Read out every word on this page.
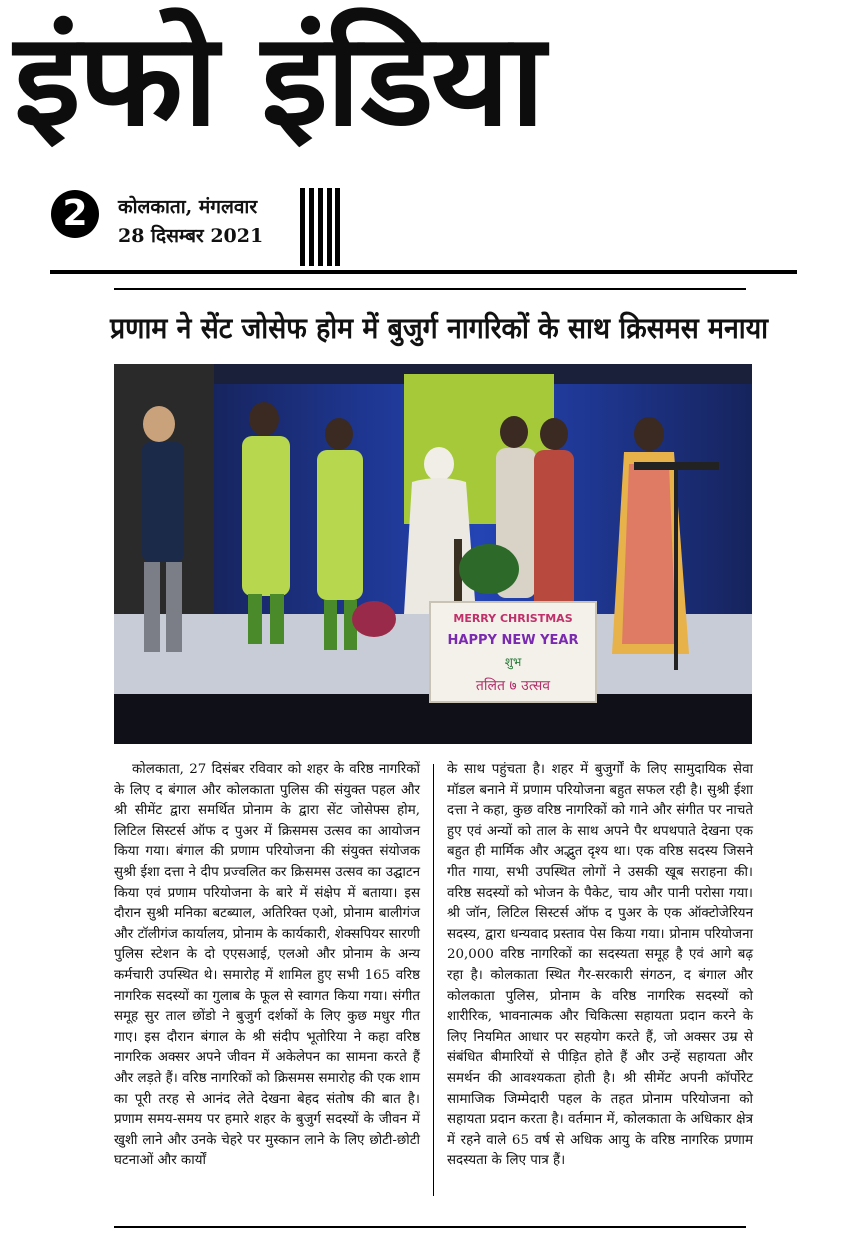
इंफो इंडिया
2	कोलकाता, मंगलवार
28 दिसम्बर 2021
प्रणाम ने सेंट जोसेफ होम में बुजुर्ग नागरिकों के साथ क्रिसमस मनाया
MERRY CHRISTMAS
HAPPY NEW YEAR
शुभ
तलित ७ उत्सव

कोलकाता, 27 दिसंबर रविवार को शहर के वरिष्ठ नागरिकों के लिए द बंगाल और कोलकाता पुलिस की संयुक्त पहल और श्री सीमेंट द्वारा समर्थित प्रोनाम के द्वारा सेंट जोसेफ्स होम, लिटिल सिस्टर्स ऑफ द पुअर में क्रिसमस उत्सव का आयोजन किया गया। बंगाल की प्रणाम परियोजना की संयुक्त संयोजक सुश्री ईशा दत्ता ने दीप प्रज्वलित कर क्रिसमस उत्सव का उद्घाटन किया एवं प्रणाम परियोजना के बारे में संक्षेप में बताया। इस दौरान सुश्री मनिका बटब्याल, अतिरिक्त एओ, प्रोनाम बालीगंज और टॉलीगंज कार्यालय, प्रोनाम के कार्यकारी, शेक्सपियर सारणी पुलिस स्टेशन के दो एएसआई, एलओ और प्रोनाम के अन्य कर्मचारी उपस्थित थे। समारोह में शामिल हुए सभी 165 वरिष्ठ नागरिक सदस्यों का गुलाब के फूल से स्वागत किया गया। संगीत समूह सुर ताल छोंडो ने बुजुर्ग दर्शकों के लिए कुछ मधुर गीत गाए। इस दौरान बंगाल के श्री संदीप भूतोरिया ने कहा वरिष्ठ नागरिक अक्सर अपने जीवन में अकेलेपन का सामना करते हैं और लड़ते हैं। वरिष्ठ नागरिकों को क्रिसमस समारोह की एक शाम का पूरी तरह से आनंद लेते देखना बेहद संतोष की बात है। प्रणाम समय-समय पर हमारे शहर के बुजुर्ग सदस्यों के जीवन में खुशी लाने और उनके चेहरे पर मुस्कान लाने के लिए छोटी-छोटी घटनाओं और कार्यों

के साथ पहुंचता है। शहर में बुजुर्गों के लिए सामुदायिक सेवा मॉडल बनाने में प्रणाम परियोजना बहुत सफल रही है। सुश्री ईशा दत्ता ने कहा, कुछ वरिष्ठ नागरिकों को गाने और संगीत पर नाचते हुए एवं अन्यों को ताल के साथ अपने पैर थपथपाते देखना एक बहुत ही मार्मिक और अद्भुत दृश्य था। एक वरिष्ठ सदस्य जिसने गीत गाया, सभी उपस्थित लोगों ने उसकी खूब सराहना की। वरिष्ठ सदस्यों को भोजन के पैकेट, चाय और पानी परोसा गया। श्री जॉन, लिटिल सिस्टर्स ऑफ द पुअर के एक ऑक्टोजेरियन सदस्य, द्वारा धन्यवाद प्रस्ताव पेस किया गया। प्रोनाम परियोजना 20,000 वरिष्ठ नागरिकों का सदस्यता समूह है एवं आगे बढ़ रहा है। कोलकाता स्थित गैर-सरकारी संगठन, द बंगाल और कोलकाता पुलिस, प्रोनाम के वरिष्ठ नागरिक सदस्यों को शारीरिक, भावनात्मक और चिकित्सा सहायता प्रदान करने के लिए नियमित आधार पर सहयोग करते हैं, जो अक्सर उम्र से संबंधित बीमारियों से पीड़ित होते हैं और उन्हें सहायता और समर्थन की आवश्यकता होती है। श्री सीमेंट अपनी कॉर्पोरेट सामाजिक जिम्मेदारी पहल के तहत प्रोनाम परियोजना को सहायता प्रदान करता है। वर्तमान में, कोलकाता के अधिकार क्षेत्र में रहने वाले 65 वर्ष से अधिक आयु के वरिष्ठ नागरिक प्रणाम सदस्यता के लिए पात्र हैं।
